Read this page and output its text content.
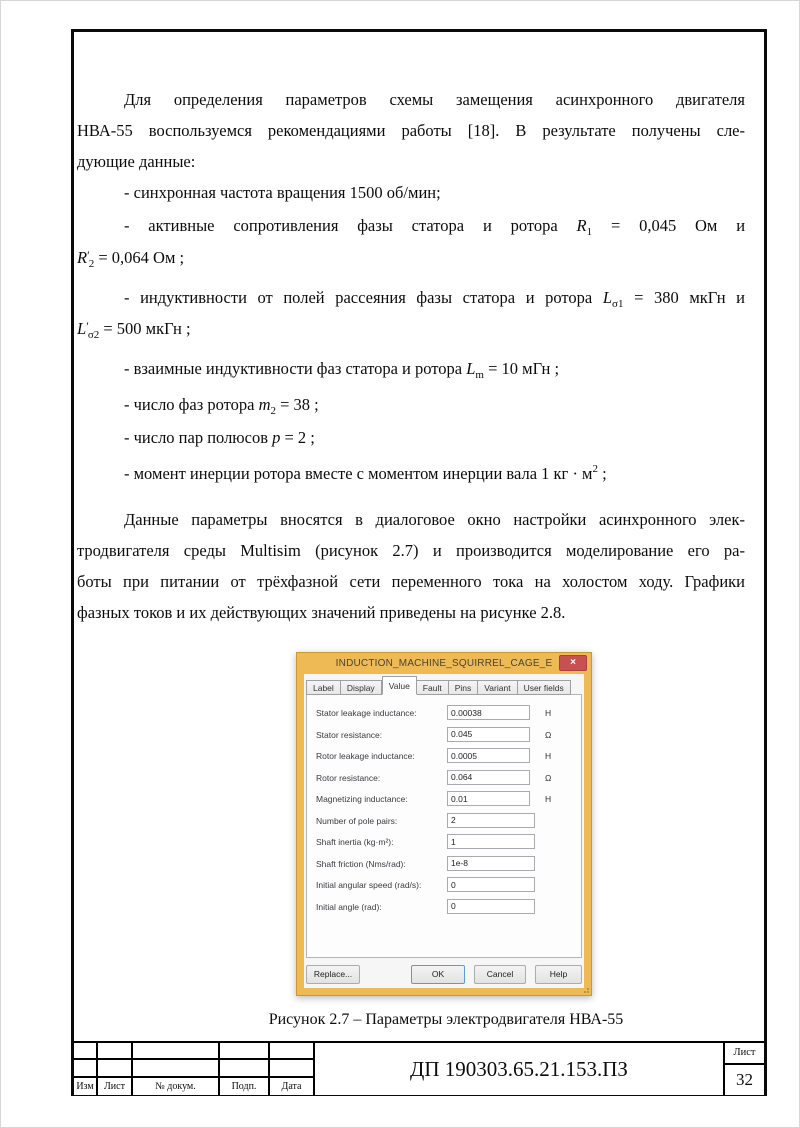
Для определения параметров схемы замещения асинхронного двигателя
НВА-55 воспользуемся рекомендациями работы [18]. В результате получены сле-
дующие данные:
- синхронная частота вращения 1500 об/мин;
- активные сопротивления фазы статора и ротора $R_1 = 0,045$ Ом и
$R'_2 = 0,064$ Ом ;
- индуктивности от полей рассеяния фазы статора и ротора $L_{\sigma 1} = 380$ мкГн и
$L'_{\sigma 2} = 500$ мкГн ;
- взаимные индуктивности фаз статора и ротора $L_m = 10$ мГн ;
- число фаз ротора $m_2 = 38$ ;
- число пар полюсов p = 2 ;
- момент инерции ротора вместе с моментом инерции вала 1 кг · $м^2$ ;
Данные параметры вносятся в диалоговое окно настройки асинхронного элек-
тродвигателя среды Multisim (рисунок 2.7) и производится моделирование его ра-
боты при питании от трёхфазной сети переменного тока на холостом ходу. Графики
фазных токов и их действующих значений приведены на рисунке 2.8.
INDUCTION_MACHINE_SQUIRREL_CAGE_E	×
Label	Display	Value	Fault	Pins	Variant	User fields
Stator leakage inductance:
0.00038	H
Stator resistance:
0.045	Ω
Rotor leakage inductance:
0.0005	H
Rotor resistance:
0.064	Ω
Magnetizing inductance:
0.01	H
Number of pole pairs:
2
Shaft inertia (kg·m²):
1
Shaft friction (Nms/rad):
1e-8
Initial angular speed (rad/s):
0
Initial angle (rad):
0
Replace...	OK	Cancel	Help
Рисунок 2.7 – Параметры электродвигателя НВА-55
Изм	Лист	№ докум.	Подп.	Дата
ДП 190303.65.21.153.ПЗ
Лист
32
